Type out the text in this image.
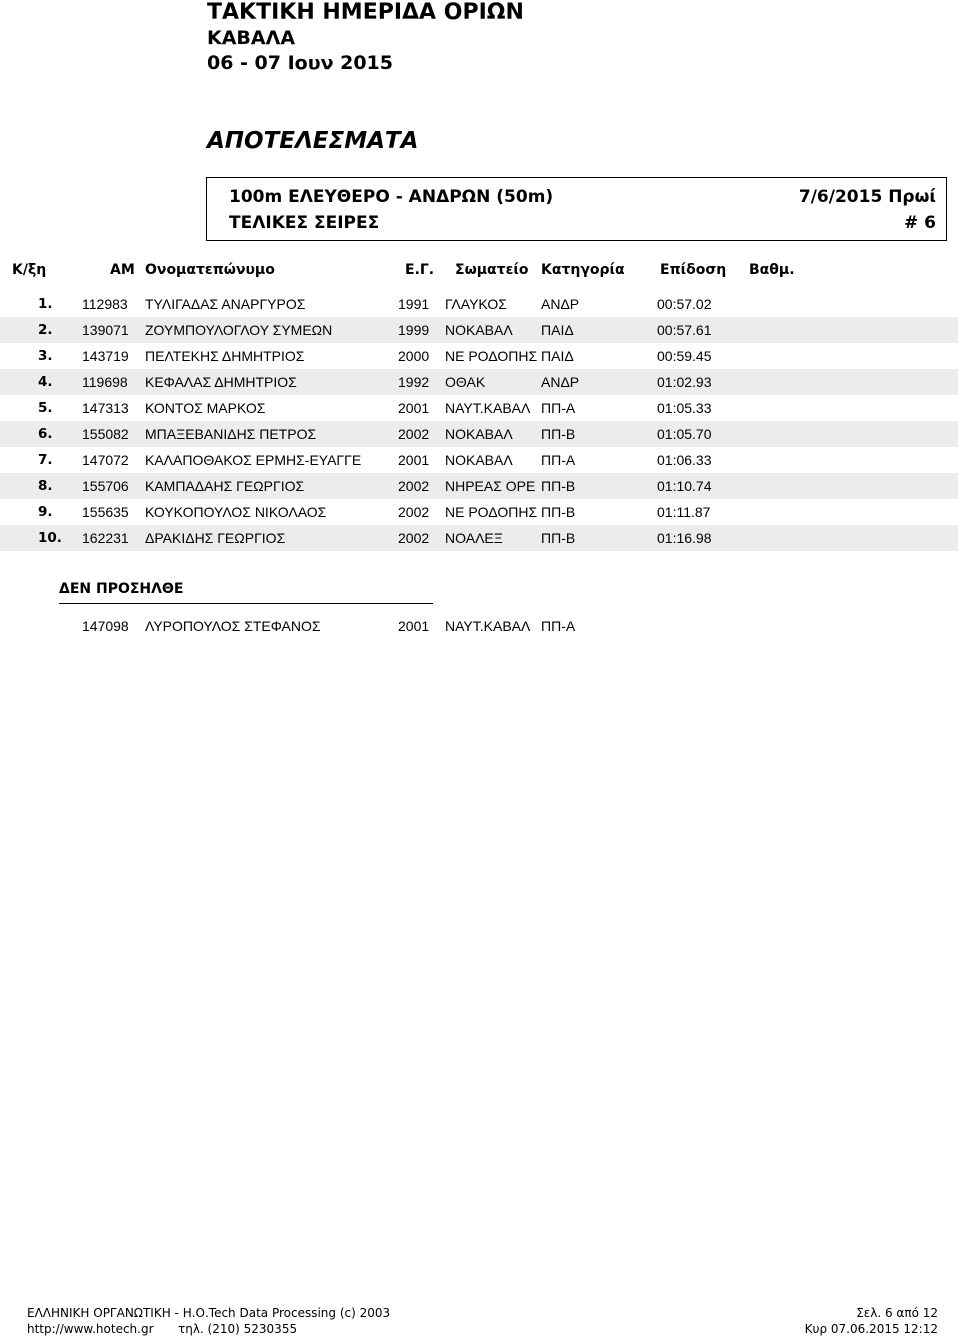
ΤΑΚΤΙΚΗ ΗΜΕΡΙΔΑ ΟΡΙΩΝ
ΚΑΒΑΛΑ
06 - 07 Ιουν 2015
ΑΠΟΤΕΛΕΣΜΑΤΑ
100m ΕΛΕΥΘΕΡΟ - ΑΝΔΡΩΝ (50m)
ΤΕΛΙΚΕΣ ΣΕΙΡΕΣ
7/6/2015 Πρωί
# 6
Κ/ξη	ΑΜ Ονοματεπώνυμο	Ε.Γ. Σωματείο Κατηγορία	Επίδοση Βαθμ.
1. 112983 ΤΥΛΙΓΑΔΑΣ ΑΝΑΡΓΥΡΟΣ	1991 ΓΛΑΥΚΟΣ ΑΝΔΡ	00:57.02
2. 139071 ΖΟΥΜΠΟΥΛΟΓΛΟΥ ΣΥΜΕΩΝ	1999 ΝΟΚΑΒΑΛ ΠΑΙΔ	00:57.61
3. 143719 ΠΕΛΤΕΚΗΣ ΔΗΜΗΤΡΙΟΣ	2000 ΝΕ ΡΟΔΟΠΗΣ ΠΑΙΔ	00:59.45
4. 119698 ΚΕΦΑΛΑΣ ΔΗΜΗΤΡΙΟΣ	1992 ΟΘΑΚ	ΑΝΔΡ	01:02.93
5. 147313 ΚΟΝΤΟΣ ΜΑΡΚΟΣ	2001 ΝΑΥΤ.ΚΑΒΑΛ ΠΠ-Α	01:05.33
6. 155082 ΜΠΑΞΕΒΑΝΙΔΗΣ ΠΕΤΡΟΣ	2002 ΝΟΚΑΒΑΛ ΠΠ-Β	01:05.70
7. 147072 ΚΑΛΑΠΟΘΑΚΟΣ ΕΡΜΗΣ-ΕΥΑΓΓΕ	2001 ΝΟΚΑΒΑΛ ΠΠ-Α	01:06.33
8. 155706 ΚΑΜΠΑΔΑΗΣ ΓΕΩΡΓΙΟΣ	2002 ΝΗΡΕΑΣ ΟΡΕ ΠΠ-Β	01:10.74
9. 155635 ΚΟΥΚΟΠΟΥΛΟΣ ΝΙΚΟΛΑΟΣ	2002 ΝΕ ΡΟΔΟΠΗΣ ΠΠ-Β	01:11.87
10. 162231 ΔΡΑΚΙΔΗΣ ΓΕΩΡΓΙΟΣ	2002 ΝΟΑΛΕΞ	ΠΠ-Β	01:16.98
ΔΕΝ ΠΡΟΣΗΛΘΕ
147098 ΛΥΡΟΠΟΥΛΟΣ ΣΤΕΦΑΝΟΣ	2001 ΝΑΥΤ.ΚΑΒΑΛ ΠΠ-Α
ΕΛΛΗΝΙΚΗ ΟΡΓΑΝΩΤΙΚΗ - Η.Ο.Tech Data Processing (c) 2003
http://www.hotech.gr τηλ. (210) 5230355
Σελ. 6 από 12
Κυρ 07.06.2015 12:12
